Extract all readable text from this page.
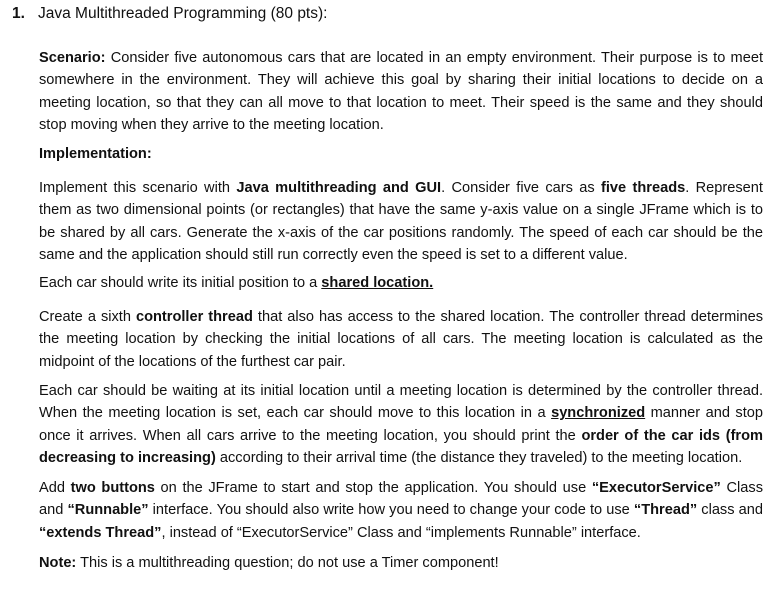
1. Java Multithreaded Programming (80 pts):

Scenario: Consider five autonomous cars that are located in an empty environment. Their purpose is to meet somewhere in the environment. They will achieve this goal by sharing their initial locations to decide on a meeting location, so that they can all move to that location to meet. Their speed is the same and they should stop moving when they arrive to the meeting location.

Implementation:

Implement this scenario with Java multithreading and GUI. Consider five cars as five threads. Represent them as two dimensional points (or rectangles) that have the same y-axis value on a single JFrame which is to be shared by all cars. Generate the x-axis of the car positions randomly. The speed of each car should be the same and the application should still run correctly even the speed is set to a different value.

Each car should write its initial position to a shared location.

Create a sixth controller thread that also has access to the shared location. The controller thread determines the meeting location by checking the initial locations of all cars. The meeting location is calculated as the midpoint of the locations of the furthest car pair.

Each car should be waiting at its initial location until a meeting location is determined by the controller thread. When the meeting location is set, each car should move to this location in a synchronized manner and stop once it arrives. When all cars arrive to the meeting location, you should print the order of the car ids (from decreasing to increasing) according to their arrival time (the distance they traveled) to the meeting location.

Add two buttons on the JFrame to start and stop the application. You should use “ExecutorService” Class and “Runnable” interface. You should also write how you need to change your code to use “Thread” class and “extends Thread”, instead of “ExecutorService” Class and “implements Runnable” interface.

Note: This is a multithreading question; do not use a Timer component!
